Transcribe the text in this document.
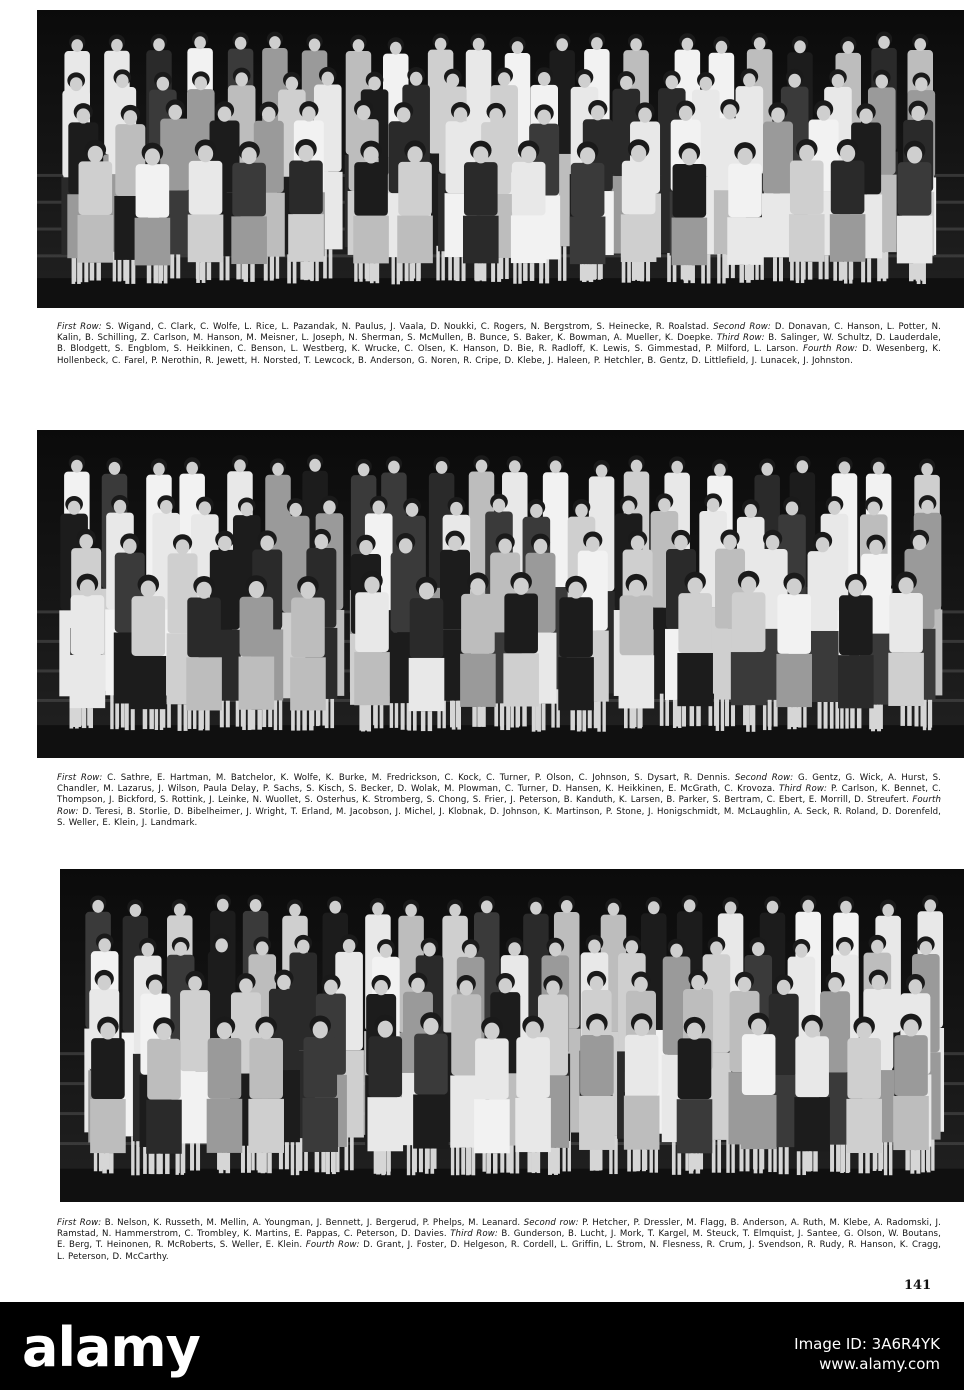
First Row: S. Wigand, C. Clark, C. Wolfe, L. Rice, L. Pazandak, N. Paulus, J. Vaala, D. Noukki, C. Rogers, N. Bergstrom, S. Heinecke, R. Roalstad. Second Row: D. Donavan, C. Hanson, L. Potter, N. Kalin, B. Schilling, Z. Carlson, M. Hanson, M. Meisner, L. Joseph, N. Sherman, S. McMullen, B. Bunce, S. Baker, K. Bowman, A. Mueller, K. Doepke. Third Row: B. Salinger, W. Schultz, D. Lauderdale, B. Blodgett, S. Engblom, S. Heikkinen, C. Benson, L. Westberg, K. Wrucke, C. Olsen, K. Hanson, D. Bie, R. Radloff, K. Lewis, S. Gimmestad, P. Milford, L. Larson. Fourth Row: D. Wesenberg, K. Hollenbeck, C. Farel, P. Nerothin, R. Jewett, H. Norsted, T. Lewcock, B. Anderson, G. Noren, R. Cripe, D. Klebe, J. Haleen, P. Hetchler, B. Gentz, D. Littlefield, J. Lunacek, J. Johnston.
First Row: C. Sathre, E. Hartman, M. Batchelor, K. Wolfe, K. Burke, M. Fredrickson, C. Kock, C. Turner, P. Olson, C. Johnson, S. Dysart, R. Dennis. Second Row: G. Gentz, G. Wick, A. Hurst, S. Chandler, M. Lazarus, J. Wilson, Paula Delay, P. Sachs, S. Kisch, S. Becker, D. Wolak, M. Plowman, C. Turner, D. Hansen, K. Heikkinen, E. McGrath, C. Krovoza. Third Row: P. Carlson, K. Bennet, C. Thompson, J. Bickford, S. Rottink, J. Leinke, N. Wuollet, S. Osterhus, K. Stromberg, S. Chong, S. Frier, J. Peterson, B. Kanduth, K. Larsen, B. Parker, S. Bertram, C. Ebert, E. Morrill, D. Streufert. Fourth Row: D. Teresi, B. Storlie, D. Bibelheimer, J. Wright, T. Erland, M. Jacobson, J. Michel, J. Klobnak, D. Johnson, K. Martinson, P. Stone, J. Honigschmidt, M. McLaughlin, A. Seck, R. Roland, D. Dorenfeld, S. Weller, E. Klein, J. Landmark.
First Row: B. Nelson, K. Russeth, M. Mellin, A. Youngman, J. Bennett, J. Bergerud, P. Phelps, M. Leanard. Second row: P. Hetcher, P. Dressler, M. Flagg, B. Anderson, A. Ruth, M. Klebe, A. Radomski, J. Ramstad, N. Hammerstrom, C. Trombley, K. Martins, E. Pappas, C. Peterson, D. Davies. Third Row: B. Gunderson, B. Lucht, J. Mork, T. Kargel, M. Steuck, T. Elmquist, J. Santee, G. Olson, W. Boutans, E. Berg, T. Heinonen, R. McRoberts, S. Weller, E. Klein. Fourth Row: D. Grant, J. Foster, D. Helgeson, R. Cordell, L. Griffin, L. Strom, N. Flesness, R. Crum, J. Svendson, R. Rudy, R. Hanson, K. Cragg, L. Peterson, D. McCarthy.
141
alamy	Image ID: 3A6R4YK
www.alamy.com
